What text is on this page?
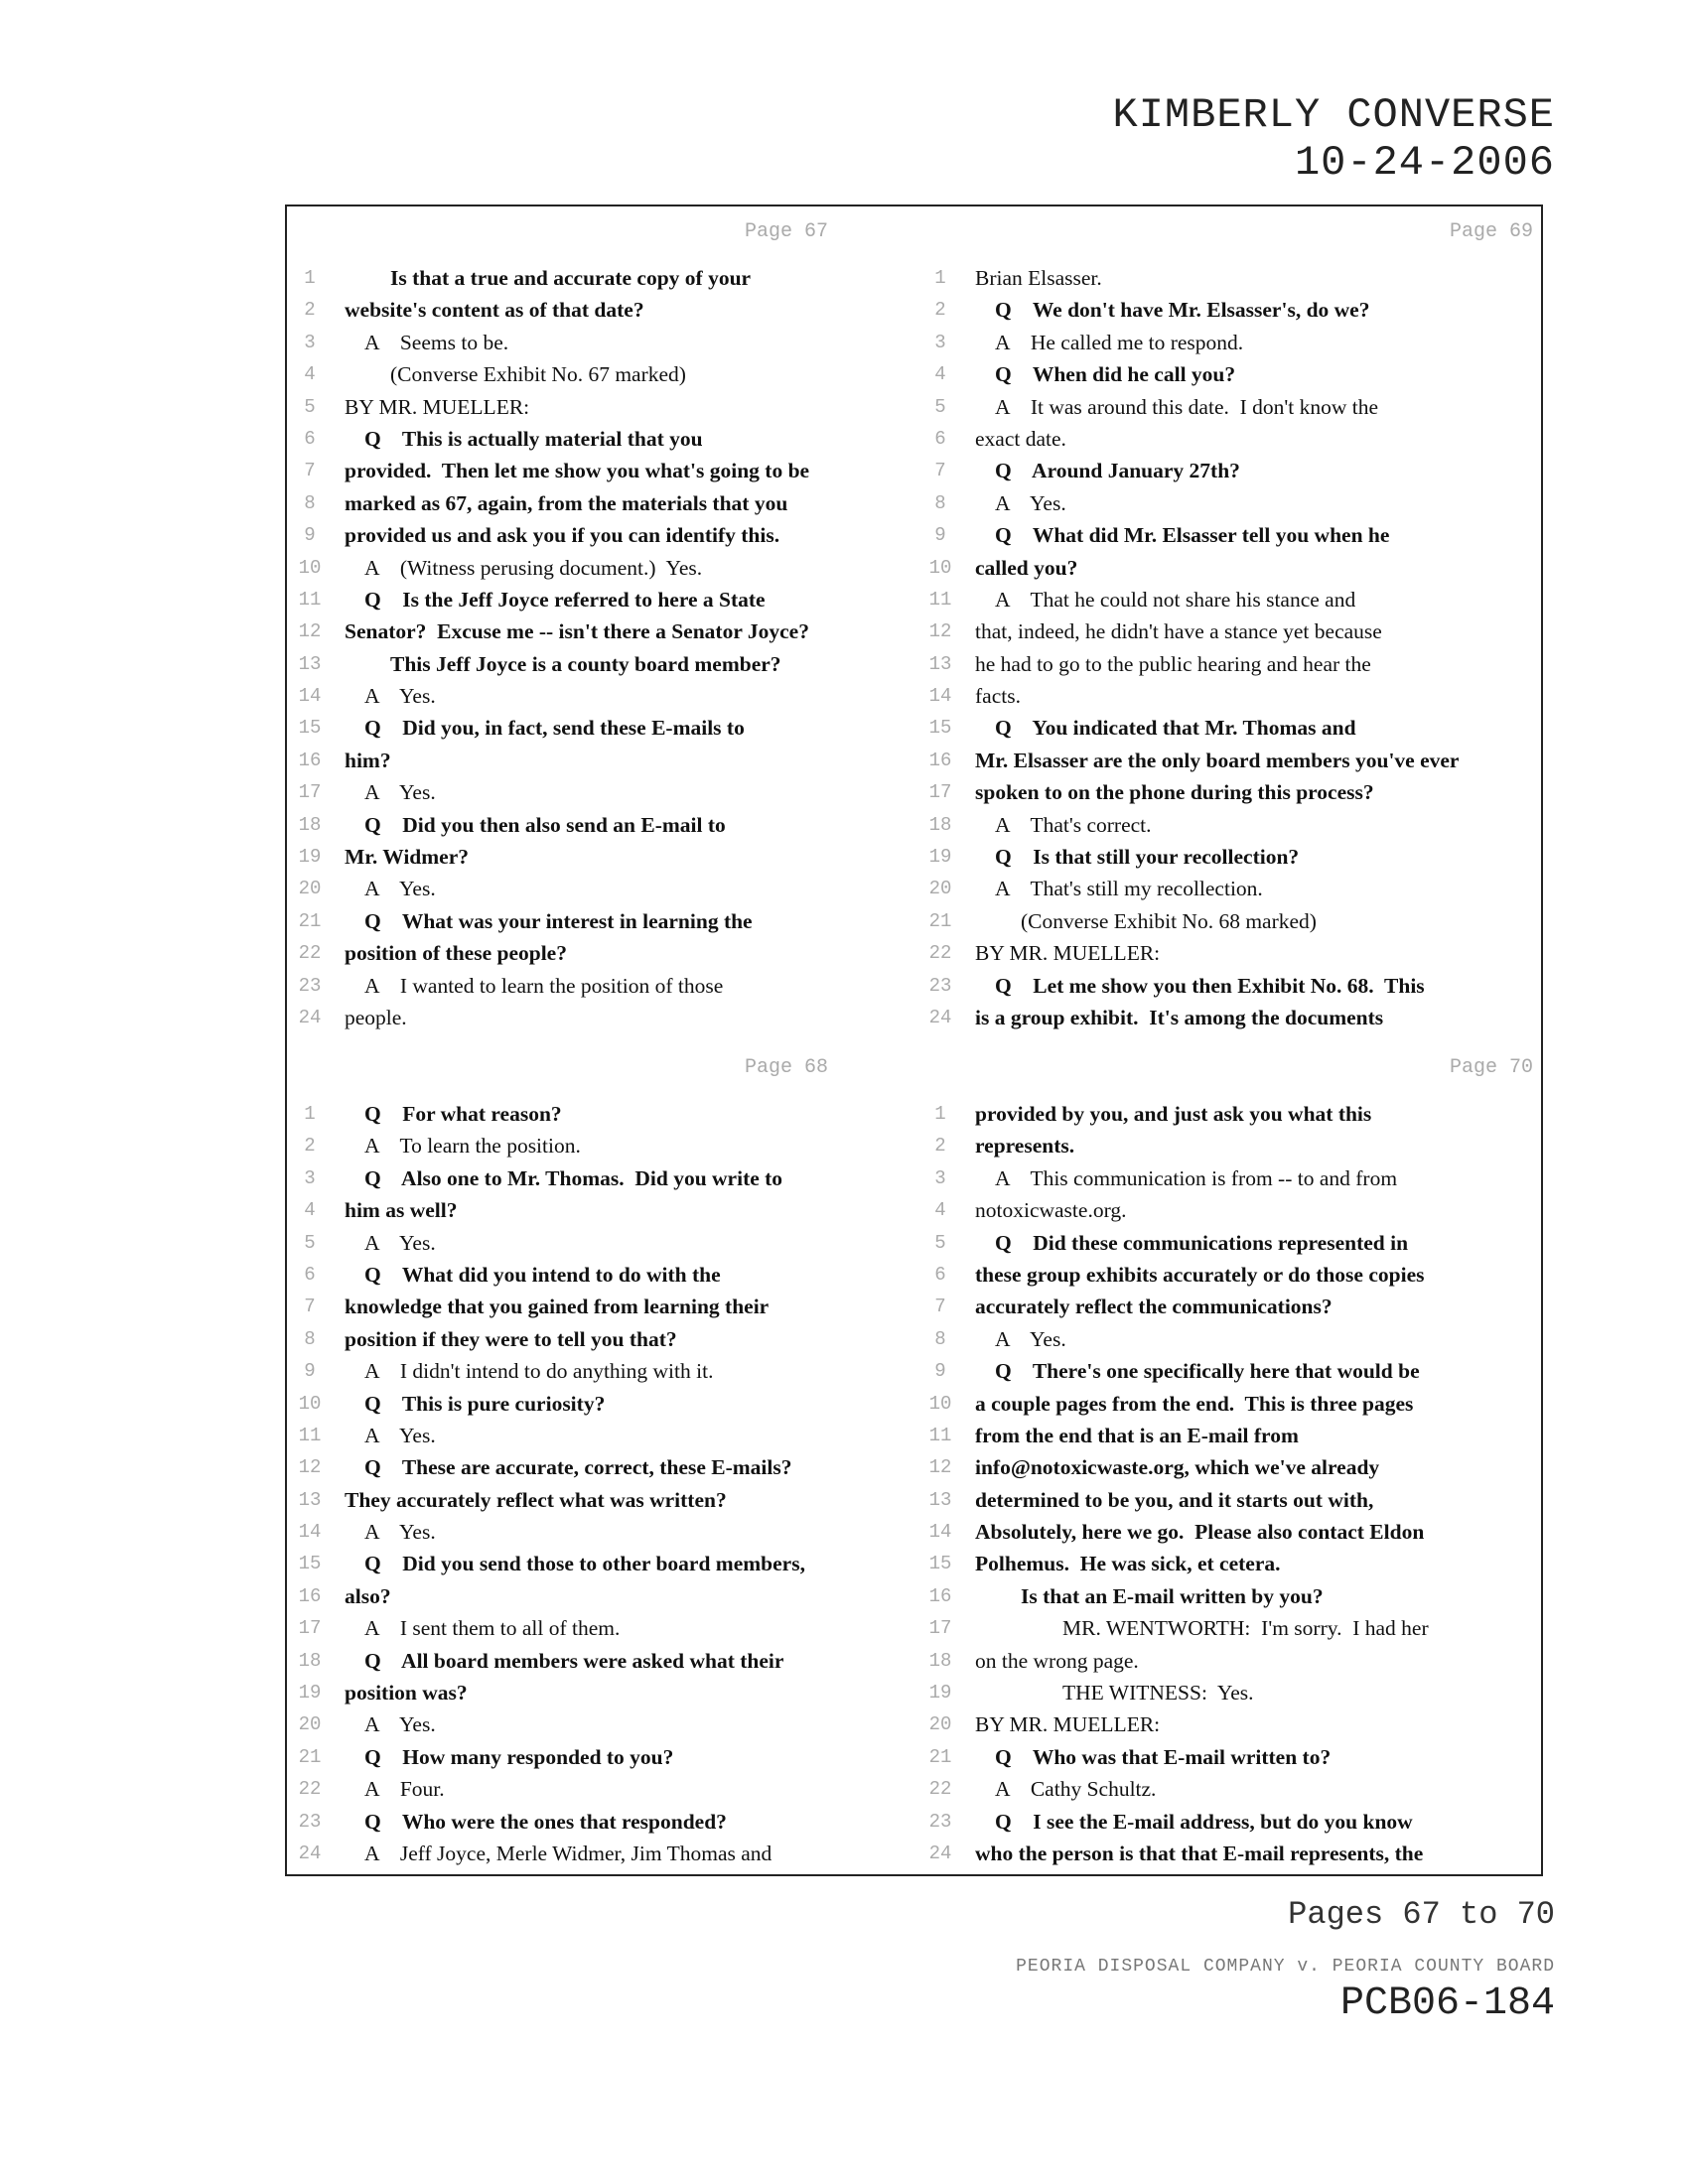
KIMBERLY CONVERSE
10-24-2006
Page 67
1	Is that a true and accurate copy of your
2	website's content as of that date?
3	A    Seems to be.
4	(Converse Exhibit No. 67 marked)
5	BY MR. MUELLER:
6	Q    This is actually material that you
7	provided.  Then let me show you what's going to be
8	marked as 67, again, from the materials that you
9	provided us and ask you if you can identify this.
10	A    (Witness perusing document.)  Yes.
11	Q    Is the Jeff Joyce referred to here a State
12	Senator?  Excuse me -- isn't there a Senator Joyce?
13	This Jeff Joyce is a county board member?
14	A    Yes.
15	Q    Did you, in fact, send these E-mails to
16	him?
17	A    Yes.
18	Q    Did you then also send an E-mail to
19	Mr. Widmer?
20	A    Yes.
21	Q    What was your interest in learning the
22	position of these people?
23	A    I wanted to learn the position of those
24	people.
Page 69
1	Brian Elsasser.
2	Q    We don't have Mr. Elsasser's, do we?
3	A    He called me to respond.
4	Q    When did he call you?
5	A    It was around this date.  I don't know the
6	exact date.
7	Q    Around January 27th?
8	A    Yes.
9	Q    What did Mr. Elsasser tell you when he
10	called you?
11	A    That he could not share his stance and
12	that, indeed, he didn't have a stance yet because
13	he had to go to the public hearing and hear the
14	facts.
15	Q    You indicated that Mr. Thomas and
16	Mr. Elsasser are the only board members you've ever
17	spoken to on the phone during this process?
18	A    That's correct.
19	Q    Is that still your recollection?
20	A    That's still my recollection.
21	(Converse Exhibit No. 68 marked)
22	BY MR. MUELLER:
23	Q    Let me show you then Exhibit No. 68.  This
24	is a group exhibit.  It's among the documents
Page 68
1	Q    For what reason?
2	A    To learn the position.
3	Q    Also one to Mr. Thomas.  Did you write to
4	him as well?
5	A    Yes.
6	Q    What did you intend to do with the
7	knowledge that you gained from learning their
8	position if they were to tell you that?
9	A    I didn't intend to do anything with it.
10	Q    This is pure curiosity?
11	A    Yes.
12	Q    These are accurate, correct, these E-mails?
13	They accurately reflect what was written?
14	A    Yes.
15	Q    Did you send those to other board members,
16	also?
17	A    I sent them to all of them.
18	Q    All board members were asked what their
19	position was?
20	A    Yes.
21	Q    How many responded to you?
22	A    Four.
23	Q    Who were the ones that responded?
24	A    Jeff Joyce, Merle Widmer, Jim Thomas and
Page 70
1	provided by you, and just ask you what this
2	represents.
3	A    This communication is from -- to and from
4	notoxicwaste.org.
5	Q    Did these communications represented in
6	these group exhibits accurately or do those copies
7	accurately reflect the communications?
8	A    Yes.
9	Q    There's one specifically here that would be
10	a couple pages from the end.  This is three pages
11	from the end that is an E-mail from
12	info@notoxicwaste.org, which we've already
13	determined to be you, and it starts out with,
14	Absolutely, here we go.  Please also contact Eldon
15	Polhemus.  He was sick, et cetera.
16	Is that an E-mail written by you?
17	MR. WENTWORTH:  I'm sorry.  I had her
18	on the wrong page.
19	THE WITNESS:  Yes.
20	BY MR. MUELLER:
21	Q    Who was that E-mail written to?
22	A    Cathy Schultz.
23	Q    I see the E-mail address, but do you know
24	who the person is that that E-mail represents, the
Pages 67 to 70
PEORIA DISPOSAL COMPANY v. PEORIA COUNTY BOARD
PCB06-184
